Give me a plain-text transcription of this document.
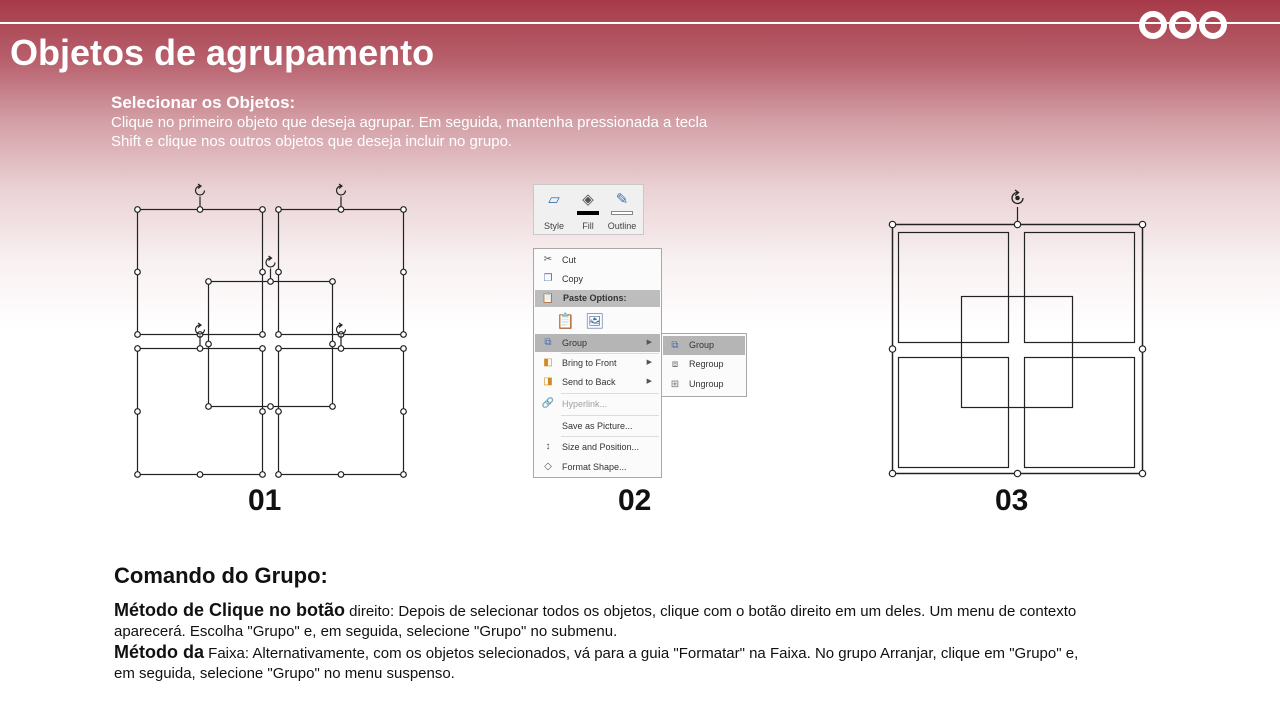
Objetos de agrupamento
Selecionar os Objetos:
Clique no primeiro objeto que deseja agrupar. Em seguida, mantenha pressionada a tecla Shift e clique nos outros objetos que deseja incluir no grupo.
▱
Style
◈
Fill
✎
Outline
✂	Cut
❐	Copy
📋 Paste Options:
⧉	Group	▶
◧	Bring to Front	▶
◨	Send to Back	▶
🔗 Hyperlink...
Save as Picture...
↕	Size and Position...
◇	Format Shape...
📋 🖼
⧉	Group
⧈	Regroup
⊞	Ungroup
01	02	03
Comando do Grupo:
Método de Clique no botão direito: Depois de selecionar todos os objetos, clique com o botão direito em um deles. Um menu de contexto aparecerá. Escolha "Grupo" e, em seguida, selecione "Grupo" no submenu.
Método da Faixa: Alternativamente, com os objetos selecionados, vá para a guia "Formatar" na Faixa. No grupo Arranjar, clique em "Grupo" e, em seguida, selecione "Grupo" no menu suspenso.
